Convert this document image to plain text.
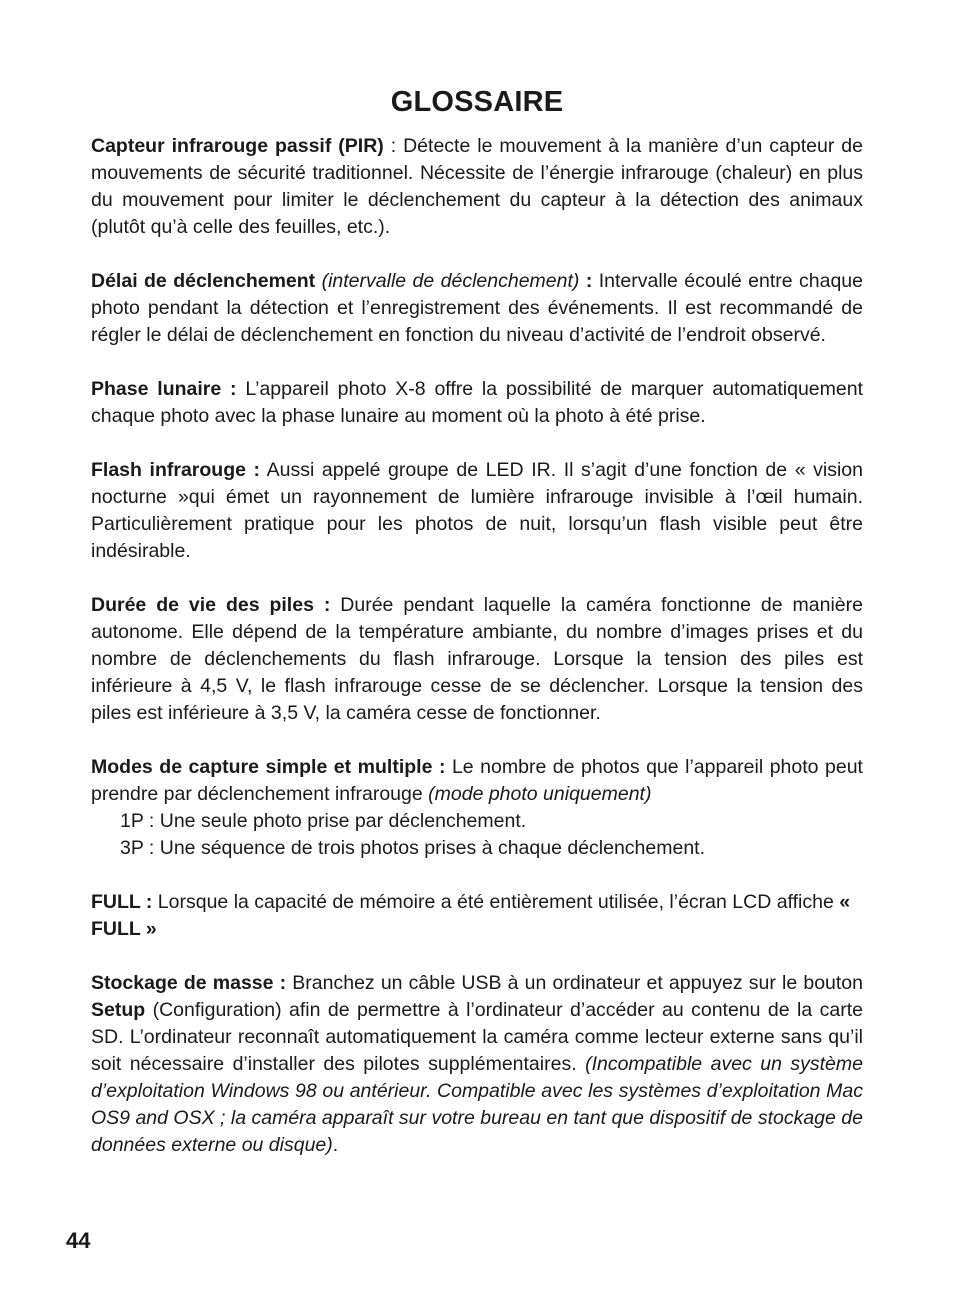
GLOSSAIRE

Capteur infrarouge passif (PIR) : Détecte le mouvement à la manière d’un capteur de mouvements de sécurité traditionnel. Nécessite de l’énergie infrarouge (chaleur) en plus du mouvement pour limiter le déclenchement du capteur à la détection des animaux (plutôt qu’à celle des feuilles, etc.).

Délai de déclenchement (intervalle de déclenchement) : Intervalle écoulé entre chaque photo pendant la détection et l’enregistrement des événements. Il est recommandé de régler le délai de déclenchement en fonction du niveau d’activité de l’endroit observé.

Phase lunaire : L’appareil photo X-8 offre la possibilité de marquer automatiquement chaque photo avec la phase lunaire au moment où la photo à été prise.

Flash infrarouge : Aussi appelé groupe de LED IR. Il s’agit d’une fonction de « vision nocturne »qui émet un rayonnement de lumière infrarouge invisible à l’œil humain. Particulièrement pratique pour les photos de nuit, lorsqu’un flash visible peut être indésirable.

Durée de vie des piles : Durée pendant laquelle la caméra fonctionne de manière autonome. Elle dépend de la température ambiante, du nombre d’images prises et du nombre de déclenchements du flash infrarouge. Lorsque la tension des piles est inférieure à 4,5 V, le flash infrarouge cesse de se déclencher. Lorsque la tension des piles est inférieure à 3,5 V, la caméra cesse de fonctionner.

Modes de capture simple et multiple : Le nombre de photos que l’appareil photo peut prendre par déclenchement infrarouge (mode photo uniquement)

1P : Une seule photo prise par déclenchement.

3P : Une séquence de trois photos prises à chaque déclenchement.

FULL : Lorsque la capacité de mémoire a été entièrement utilisée, l’écran LCD affiche « FULL »

Stockage de masse : Branchez un câble USB à un ordinateur et appuyez sur le bouton Setup (Configuration) afin de permettre à l’ordinateur d’accéder au contenu de la carte SD. L’ordinateur reconnaît automatiquement la caméra comme lecteur externe sans qu’il soit nécessaire d’installer des pilotes supplémentaires. (Incompatible avec un système d’exploitation Windows 98 ou antérieur. Compatible avec les systèmes d’exploitation Mac OS9 and OSX ; la caméra apparaît sur votre bureau en tant que dispositif de stockage de données externe ou disque).

44
